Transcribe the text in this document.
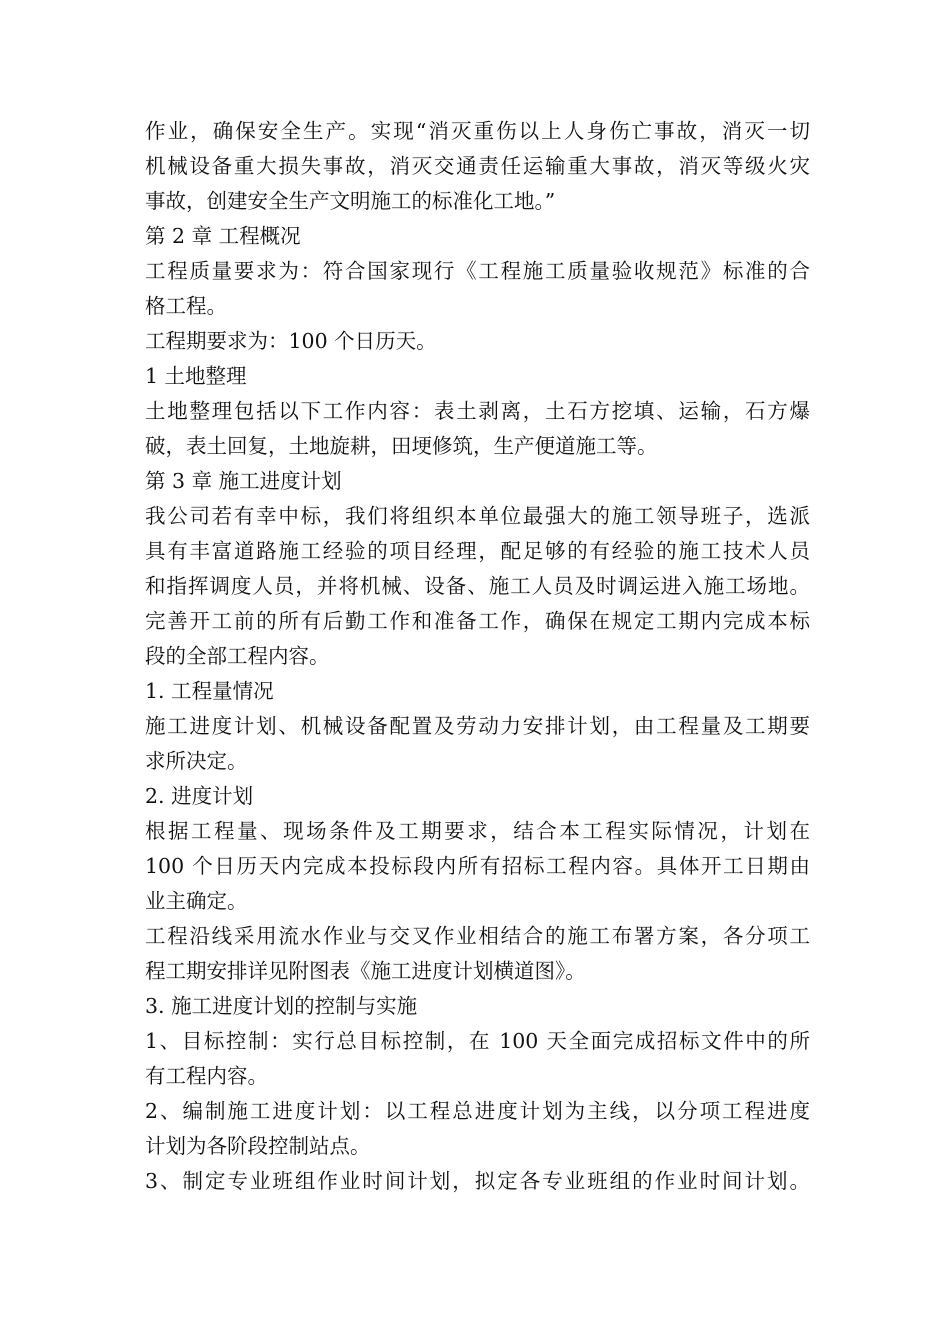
作业，确保安全生产。实现“消灭重伤以上人身伤亡事故，消灭一切
机械设备重大损失事故，消灭交通责任运输重大事故，消灭等级火灾
事故，创建安全生产文明施工的标准化工地。”
第 2 章 工程概况
工程质量要求为：符合国家现行《工程施工质量验收规范》标准的合
格工程。
工程期要求为：100 个日历天。
1 土地整理
土地整理包括以下工作内容：表土剥离，土石方挖填、运输，石方爆
破，表土回复，土地旋耕，田埂修筑，生产便道施工等。
第 3 章 施工进度计划
我公司若有幸中标，我们将组织本单位最强大的施工领导班子，选派
具有丰富道路施工经验的项目经理，配足够的有经验的施工技术人员
和指挥调度人员，并将机械、设备、施工人员及时调运进入施工场地。
完善开工前的所有后勤工作和准备工作，确保在规定工期内完成本标
段的全部工程内容。
1. 工程量情况
施工进度计划、机械设备配置及劳动力安排计划，由工程量及工期要
求所决定。
2. 进度计划
根据工程量、现场条件及工期要求，结合本工程实际情况，计划在
100 个日历天内完成本投标段内所有招标工程内容。具体开工日期由
业主确定。
工程沿线采用流水作业与交叉作业相结合的施工布署方案，各分项工
程工期安排详见附图表《施工进度计划横道图》。
3. 施工进度计划的控制与实施
1、目标控制：实行总目标控制，在 100 天全面完成招标文件中的所
有工程内容。
2、编制施工进度计划：以工程总进度计划为主线，以分项工程进度
计划为各阶段控制站点。
3、制定专业班组作业时间计划，拟定各专业班组的作业时间计划。
